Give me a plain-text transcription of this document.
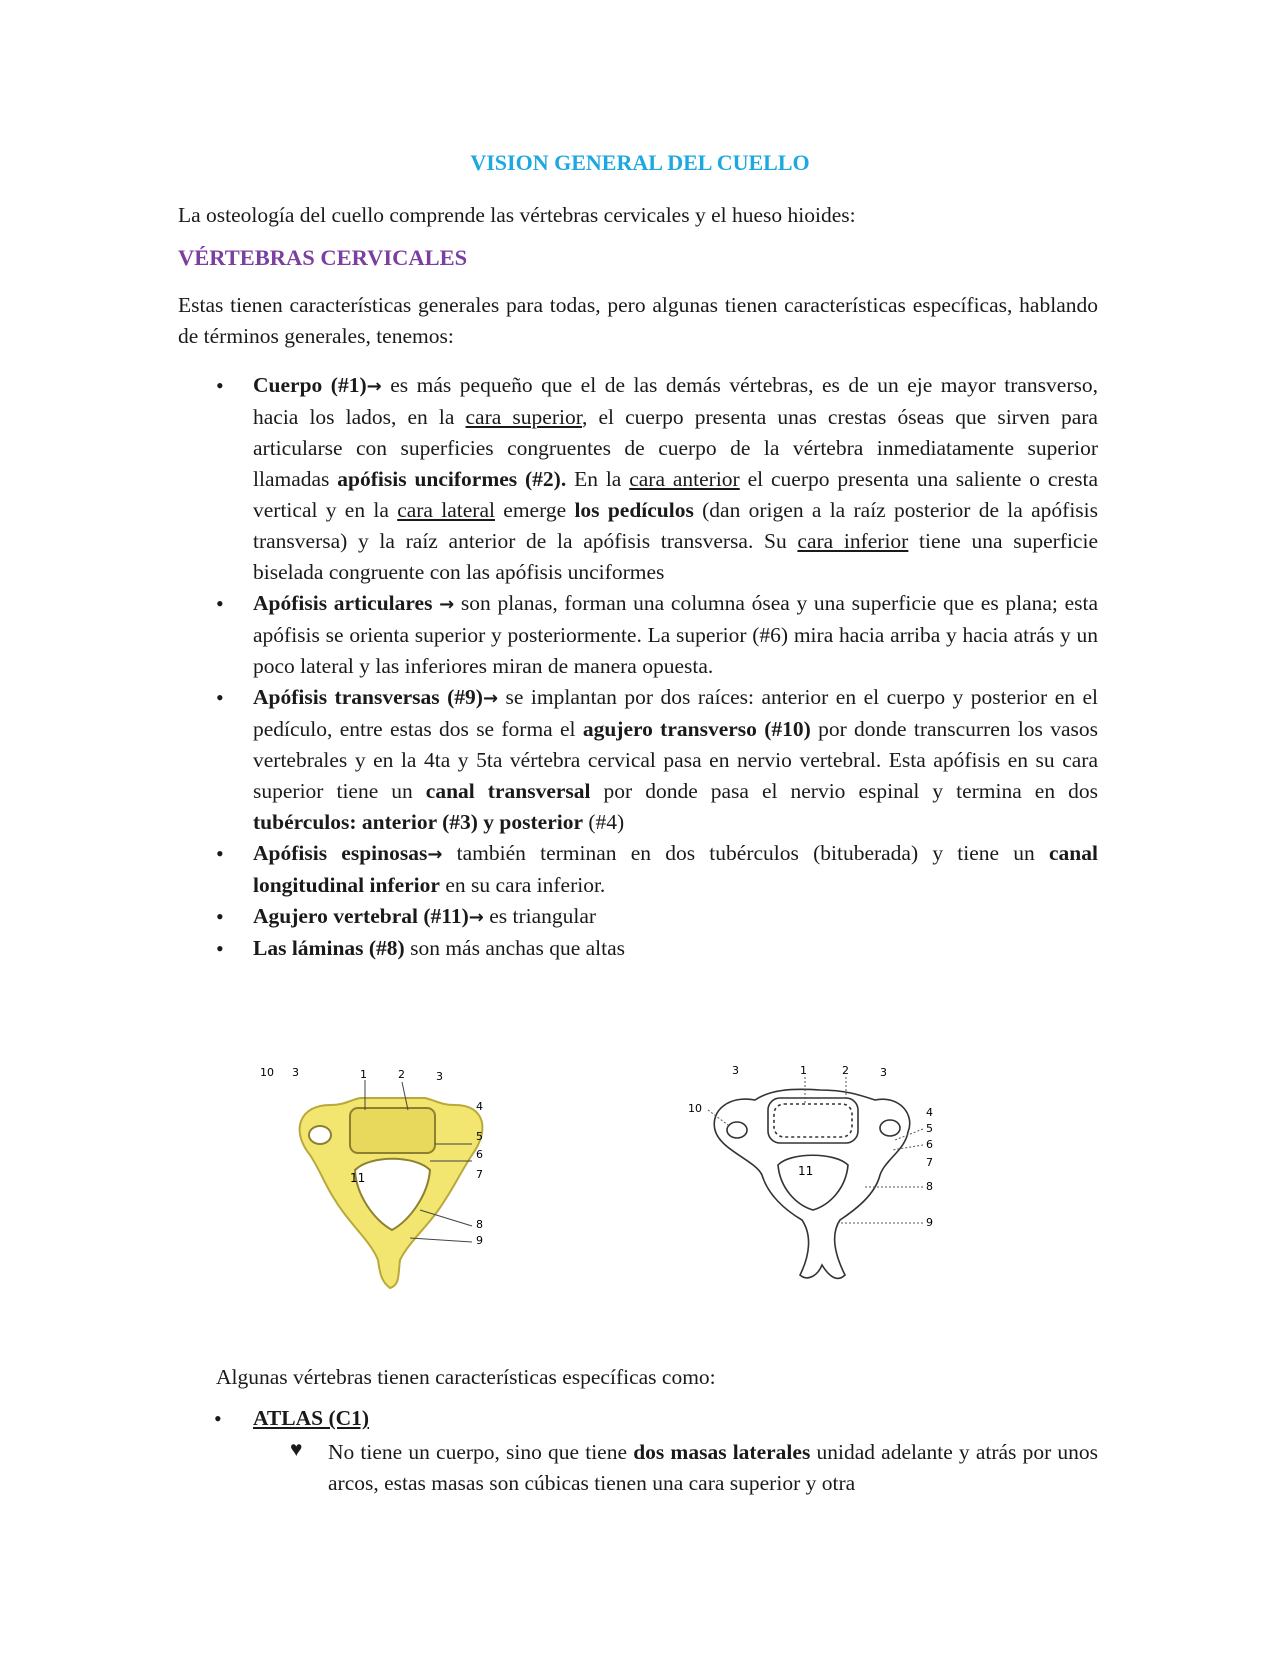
VISION GENERAL DEL CUELLO
La osteología del cuello comprende las vértebras cervicales y el hueso hioides:
VÉRTEBRAS CERVICALES
Estas tienen características generales para todas, pero algunas tienen características específicas, hablando de términos generales, tenemos:
• Cuerpo (#1)→ es más pequeño que el de las demás vértebras, es de un eje mayor transverso, hacia los lados, en la cara superior, el cuerpo presenta unas crestas óseas que sirven para articularse con superficies congruentes de cuerpo de la vértebra inmediatamente superior llamadas apófisis unciformes (#2). En la cara anterior el cuerpo presenta una saliente o cresta vertical y en la cara lateral emerge los pedículos (dan origen a la raíz posterior de la apófisis transversa) y la raíz anterior de la apófisis transversa. Su cara inferior tiene una superficie biselada congruente con las apófisis unciformes
• Apófisis articulares → son planas, forman una columna ósea y una superficie que es plana; esta apófisis se orienta superior y posteriormente. La superior (#6) mira hacia arriba y hacia atrás y un poco lateral y las inferiores miran de manera opuesta.
• Apófisis transversas (#9)→ se implantan por dos raíces: anterior en el cuerpo y posterior en el pedículo, entre estas dos se forma el agujero transverso (#10) por donde transcurren los vasos vertebrales y en la 4ta y 5ta vértebra cervical pasa en nervio vertebral. Esta apófisis en su cara superior tiene un canal transversal por donde pasa el nervio espinal y termina en dos tubérculos: anterior (#3) y posterior (#4)
• Apófisis espinosas→ también terminan en dos tubérculos (bituberada) y tiene un canal longitudinal inferior en su cara inferior.
• Agujero vertebral (#11)→ es triangular
• Las láminas (#8) son más anchas que altas
10 3	1	2	3
4
5
6
7
8
9
11
3	1	2	3
10	4
5
6
7
8
9
11
Algunas vértebras tienen características específicas como:
• ATLAS (C1)
♥ No tiene un cuerpo, sino que tiene dos masas laterales unidad adelante y atrás por unos arcos, estas masas son cúbicas tienen una cara superior y otra
